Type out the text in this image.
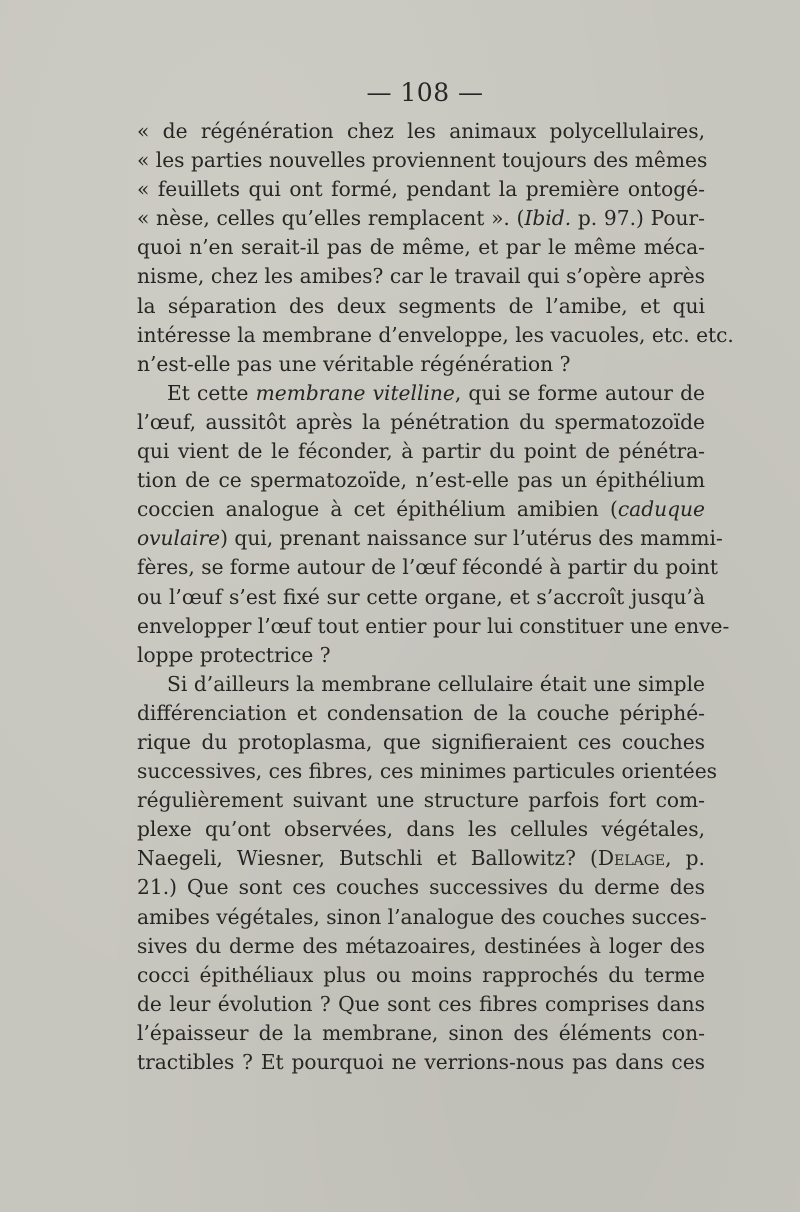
— 108 —
« de régénération chez les animaux polycellulaires,
« les parties nouvelles proviennent toujours des mêmes
« feuillets qui ont formé, pendant la première ontogé-
« nèse, celles qu’elles remplacent ». (Ibid. p. 97.) Pour-
quoi n’en serait-il pas de même, et par le même méca-
nisme, chez les amibes? car le travail qui s’opère après
la séparation des deux segments de l’amibe, et qui
intéresse la membrane d’enveloppe, les vacuoles, etc. etc.
n’est-elle pas une véritable régénération ?
Et cette membrane vitelline, qui se forme autour de
l’œuf, aussitôt après la pénétration du spermatozoïde
qui vient de le féconder, à partir du point de pénétra-
tion de ce spermatozoïde, n’est-elle pas un épithélium
coccien analogue à cet épithélium amibien (caduque
ovulaire) qui, prenant naissance sur l’utérus des mammi-
fères, se forme autour de l’œuf fécondé à partir du point
ou l’œuf s’est fixé sur cette organe, et s’accroît jusqu’à
envelopper l’œuf tout entier pour lui constituer une enve-
loppe protectrice ?
Si d’ailleurs la membrane cellulaire était une simple
différenciation et condensation de la couche périphé-
rique du protoplasma, que signifieraient ces couches
successives, ces fibres, ces minimes particules orientées
régulièrement suivant une structure parfois fort com-
plexe qu’ont observées, dans les cellules végétales,
Naegeli, Wiesner, Butschli et Ballowitz? (Delage, p.
21.) Que sont ces couches successives du derme des
amibes végétales, sinon l’analogue des couches succes-
sives du derme des métazoaires, destinées à loger des
cocci épithéliaux plus ou moins rapprochés du terme
de leur évolution ? Que sont ces fibres comprises dans
l’épaisseur de la membrane, sinon des éléments con-
tractibles ? Et pourquoi ne verrions-nous pas dans ces
